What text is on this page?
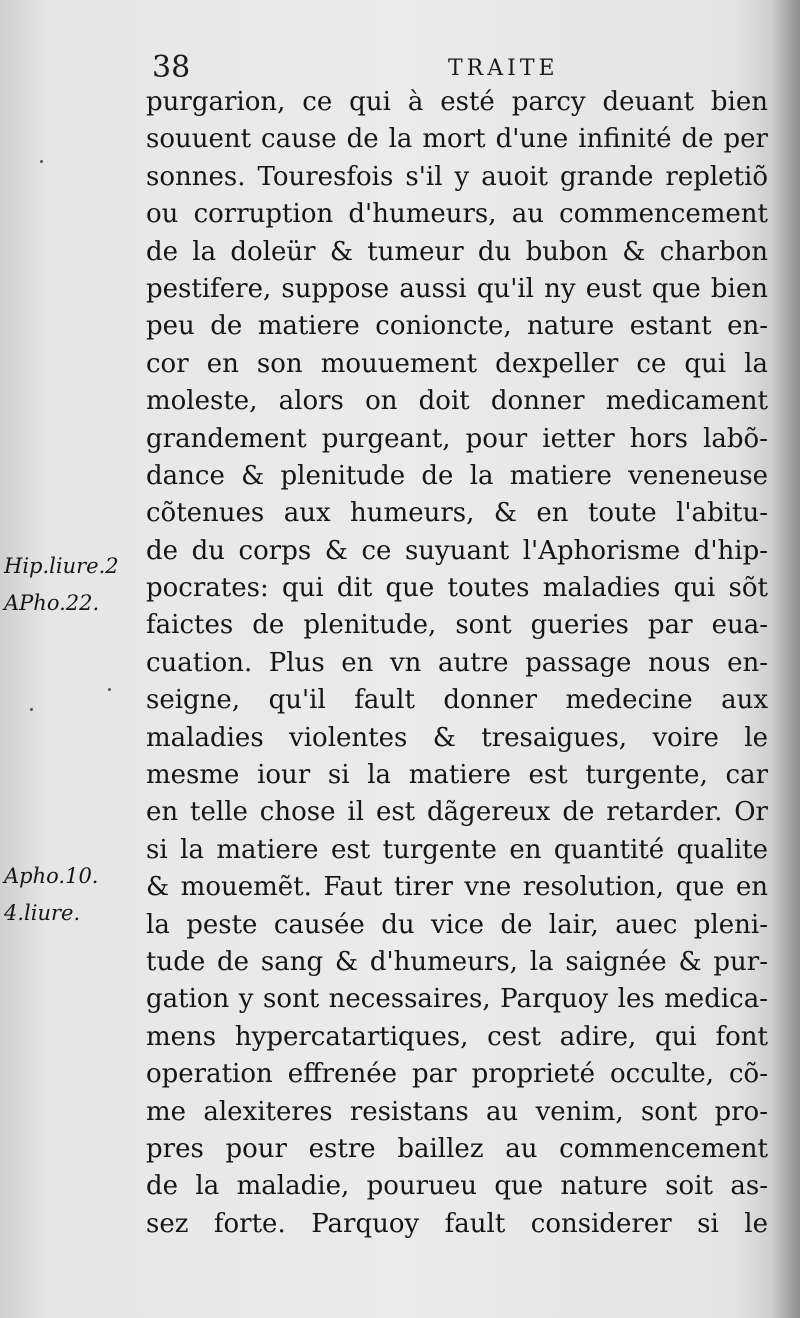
38	TRAITE
Hip.liure.2
APho.22.
Apho.10.
4.liure.
purgarion, ce qui à esté parcy deuant bien
souuent cause de la mort d'une infinité de per
sonnes. Touresfois s'il y auoit grande repletiõ
ou corruption d'humeurs, au commencement
de la doleür & tumeur du bubon & charbon
pestifere, suppose aussi qu'il ny eust que bien
peu de matiere conioncte, nature estant en-
cor en son mouuement dexpeller ce qui la
moleste, alors on doit donner medicament
grandement purgeant, pour ietter hors labõ-
dance & plenitude de la matiere veneneuse
cõtenues aux humeurs, & en toute l'abitu-
de du corps & ce suyuant l'Aphorisme d'hip-
pocrates: qui dit que toutes maladies qui sõt
faictes de plenitude, sont gueries par eua-
cuation. Plus en vn autre passage nous en-
seigne, qu'il fault donner medecine aux
maladies violentes & tresaigues, voire le
mesme iour si la matiere est turgente, car
en telle chose il est dãgereux de retarder. Or
si la matiere est turgente en quantité qualite
& mouemẽt. Faut tirer vne resolution, que en
la peste causée du vice de lair, auec pleni-
tude de sang & d'humeurs, la saignée & pur-
gation y sont necessaires, Parquoy les medica-
mens hypercatartiques, cest adire, qui font
operation effrenée par proprieté occulte, cõ-
me alexiteres resistans au venim, sont pro-
pres pour estre baillez au commencement
de la maladie, pourueu que nature soit as-
sez forte. Parquoy fault considerer si le
